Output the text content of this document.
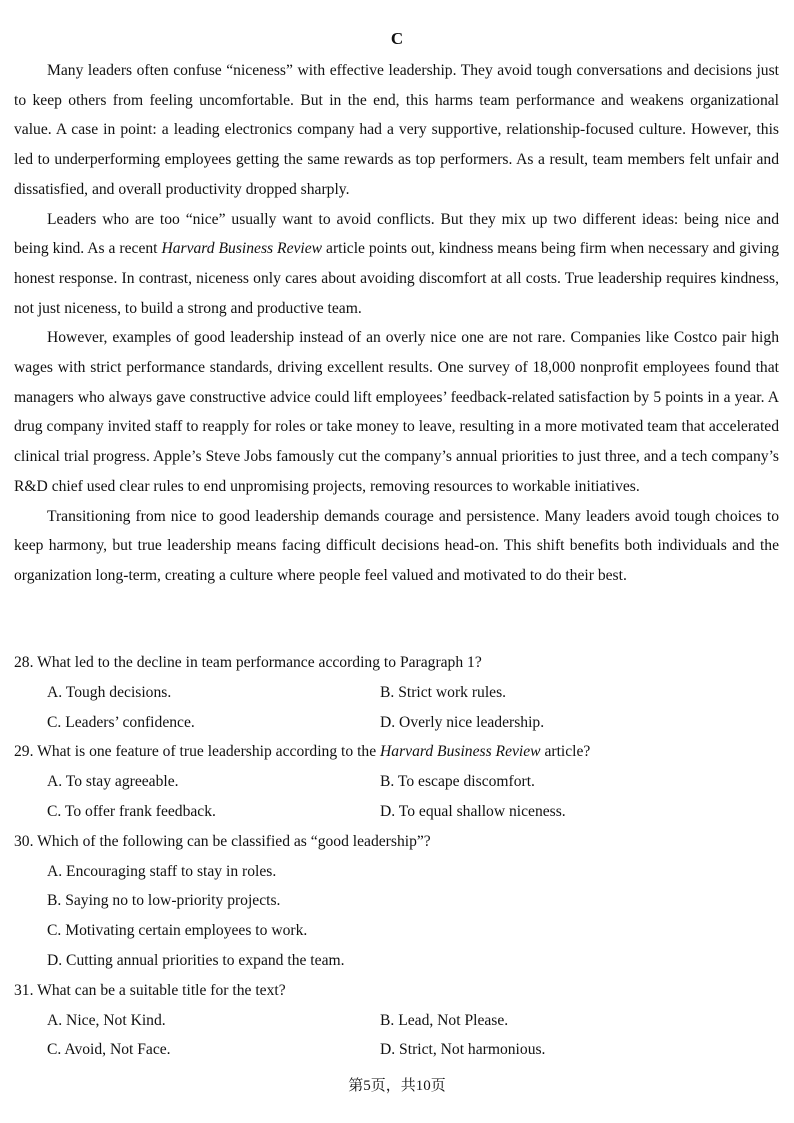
C

Many leaders often confuse “niceness” with effective leadership. They avoid tough conversations and decisions just to keep others from feeling uncomfortable. But in the end, this harms team performance and weakens organizational value. A case in point: a leading electronics company had a very supportive, relationship-focused culture. However, this led to underperforming employees getting the same rewards as top performers. As a result, team members felt unfair and dissatisfied, and overall productivity dropped sharply.

Leaders who are too “nice” usually want to avoid conflicts. But they mix up two different ideas: being nice and being kind. As a recent Harvard Business Review article points out, kindness means being firm when necessary and giving honest response. In contrast, niceness only cares about avoiding discomfort at all costs. True leadership requires kindness, not just niceness, to build a strong and productive team.

However, examples of good leadership instead of an overly nice one are not rare. Companies like Costco pair high wages with strict performance standards, driving excellent results. One survey of 18,000 nonprofit employees found that managers who always gave constructive advice could lift employees’ feedback-related satisfaction by 5 points in a year. A drug company invited staff to reapply for roles or take money to leave, resulting in a more motivated team that accelerated clinical trial progress. Apple’s Steve Jobs famously cut the company’s annual priorities to just three, and a tech company’s R&D chief used clear rules to end unpromising projects, removing resources to workable initiatives.

Transitioning from nice to good leadership demands courage and persistence. Many leaders avoid tough choices to keep harmony, but true leadership means facing difficult decisions head-on. This shift benefits both individuals and the organization long-term, creating a culture where people feel valued and motivated to do their best.

28. What led to the decline in team performance according to Paragraph 1?
A. Tough decisions.	B. Strict work rules.
C. Leaders’ confidence.	D. Overly nice leadership.
29. What is one feature of true leadership according to the Harvard Business Review article?
A. To stay agreeable.	B. To escape discomfort.
C. To offer frank feedback.	D. To equal shallow niceness.
30. Which of the following can be classified as “good leadership”?
A. Encouraging staff to stay in roles.
B. Saying no to low-priority projects.
C. Motivating certain employees to work.
D. Cutting annual priorities to expand the team.
31. What can be a suitable title for the text?
A. Nice, Not Kind.	B. Lead, Not Please.
C. Avoid, Not Face.	D. Strict, Not harmonious.
第5页，共10页
